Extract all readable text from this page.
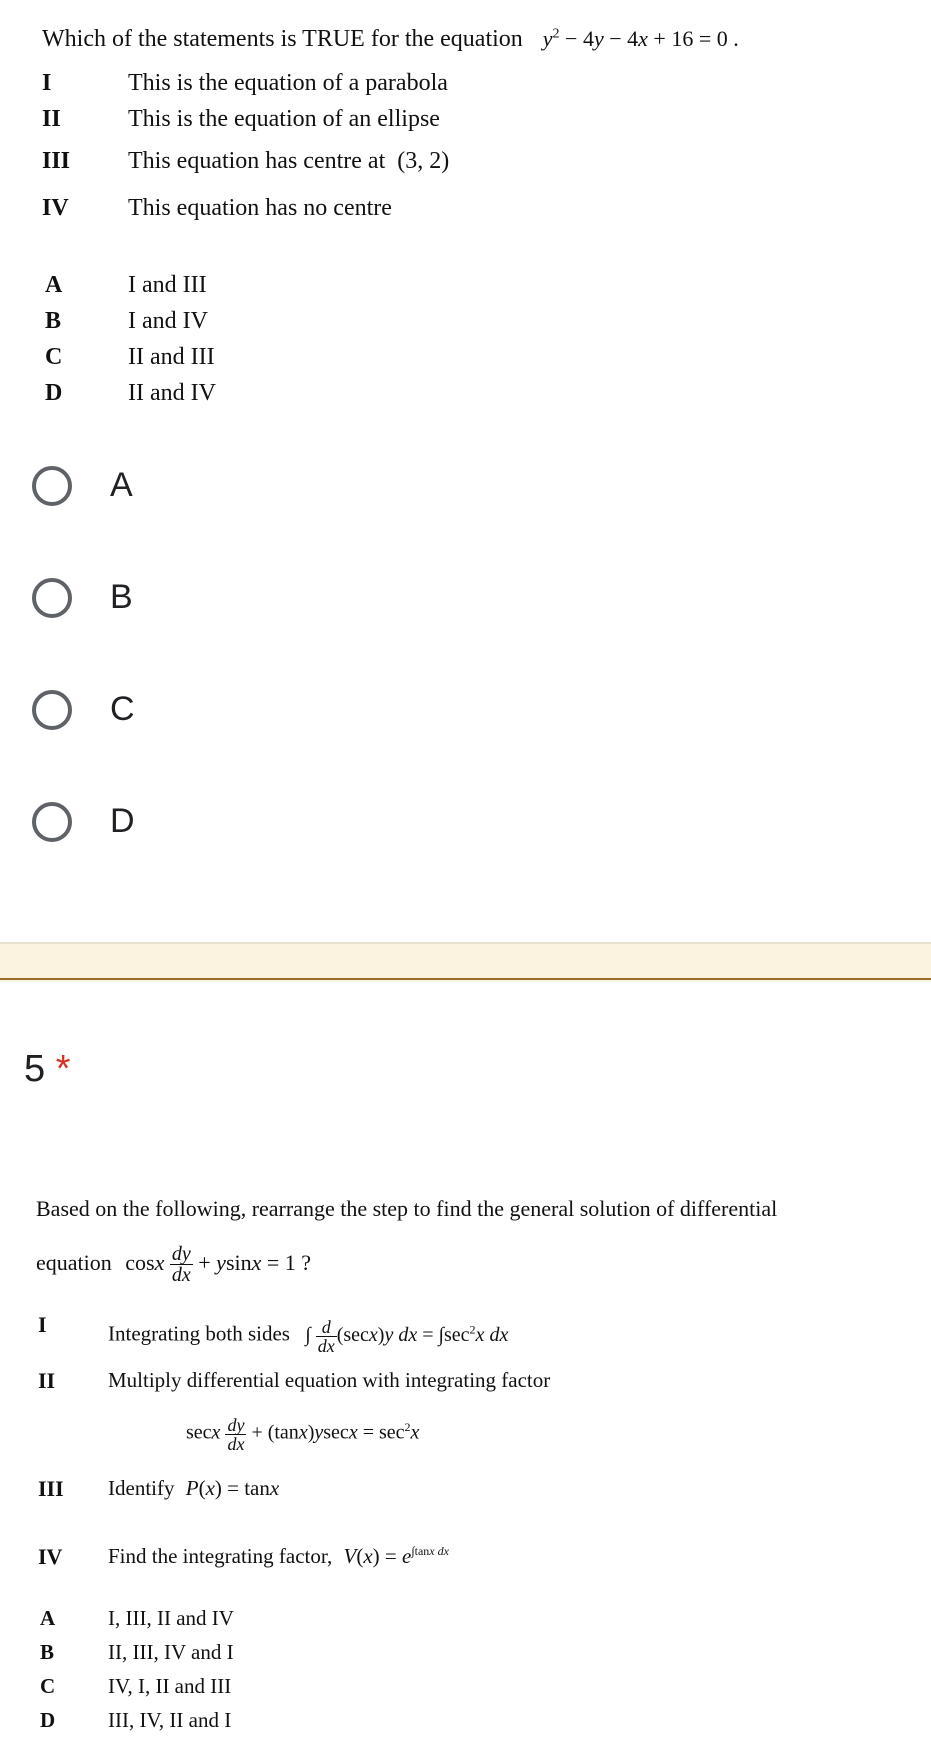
Which of the statements is TRUE for the equation $y^2 - 4y - 4x + 16 = 0$ .
I	This is the equation of a parabola
II	This is the equation of an ellipse
III This equation has centre at (3, 2)
IV This equation has no centre
A	I and III
B	I and IV
C	II and III
D	II and IV
A
B
C
D
5 *
Based on the following, rearrange the step to find the general solution of differential
equation cosx $\frac{dy}{dx} + ysinx = 1$ ?
I	Integrating both sides ∫ $\frac{d}{dx} (\sec x)y$ dx = $\int\sec^2x$ dx
II	Multiply differential equation with integrating factor
secx $\frac{dy}{dx} + (\tan x)ysecx = \sec^2x$
III Identify P(x) = tanx
IV Find the integrating factor, $V(x) = e^{\int tanx dx}$
A	I, III, II and IV
B	II, III, IV and I
C	IV, I, II and III
D	III, IV, II and I
